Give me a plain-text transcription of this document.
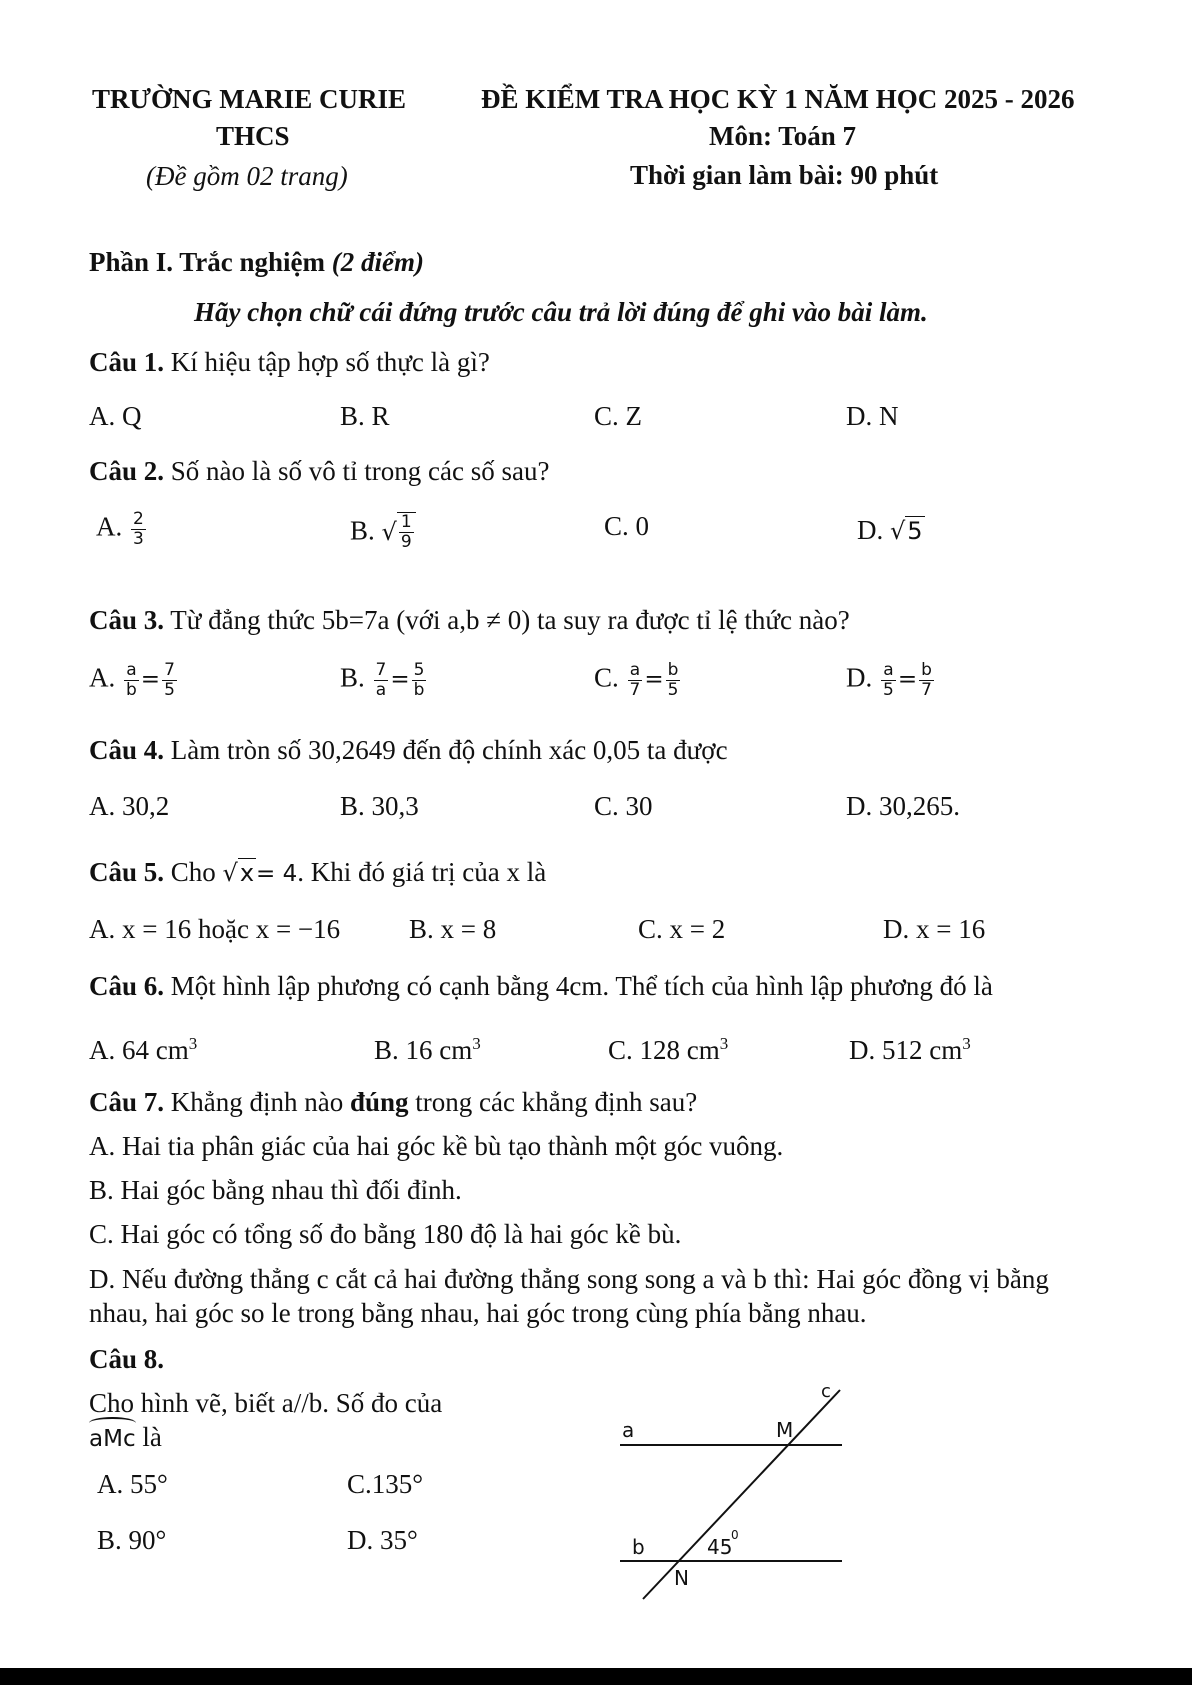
TRƯỜNG MARIE CURIE
THCS
(Đề gồm 02 trang)
ĐỀ KIỂM TRA HỌC KỲ 1 NĂM HỌC 2025 - 2026
Môn: Toán 7
Thời gian làm bài: 90 phút
Phần I. Trắc nghiệm (2 điểm)
Hãy chọn chữ cái đứng trước câu trả lời đúng để ghi vào bài làm.
Câu 1. Kí hiệu tập hợp số thực là gì?
A. Q	B. R	C. Z	D. N
Câu 2. Số nào là số vô tỉ trong các số sau?
A. $\frac{2}{3}$	B. √ $\frac{1}{9}$	C. 0	D. √5
Câu 3. Từ đẳng thức 5b=7a (với a,b ≠ 0) ta suy ra được tỉ lệ thức nào?
A. $\frac{a}{b} = \frac{7}{5}$	B. $\frac{7}{a} = \frac{5}{b}$	C. $\frac{a}{7} = \frac{b}{5}$	D. $\frac{a}{5} = \frac{b}{7}$
Câu 4. Làm tròn số 30,2649 đến độ chính xác 0,05 ta được
A. 30,2	B. 30,3	C. 30	D. 30,265.
Câu 5. Cho √x= 4. Khi đó giá trị của x là
A. x = 16 hoặc x = −16	B. x = 8	C. x = 2	D. x = 16
Câu 6. Một hình lập phương có cạnh bằng 4cm. Thể tích của hình lập phương đó là
A. 64 $cm^3$	B. 16 $cm^3$	C. 128 $cm^3$	D. 512 $cm^3$
Câu 7. Khẳng định nào đúng trong các khẳng định sau?
A. Hai tia phân giác của hai góc kề bù tạo thành một góc vuông.
B. Hai góc bằng nhau thì đối đỉnh.
C. Hai góc có tổng số đo bằng 180 độ là hai góc kề bù.
D. Nếu đường thẳng c cắt cả hai đường thẳng song song a và b thì: Hai góc đồng vị bằng
nhau, hai góc so le trong bằng nhau, hai góc trong cùng phía bằng nhau.
Câu 8.
Cho hình vẽ, biết a//b. Số đo của
aMc là
A. 55°	C.135°
B. 90°	D. 35°
a
b
c
M
N
45
0
